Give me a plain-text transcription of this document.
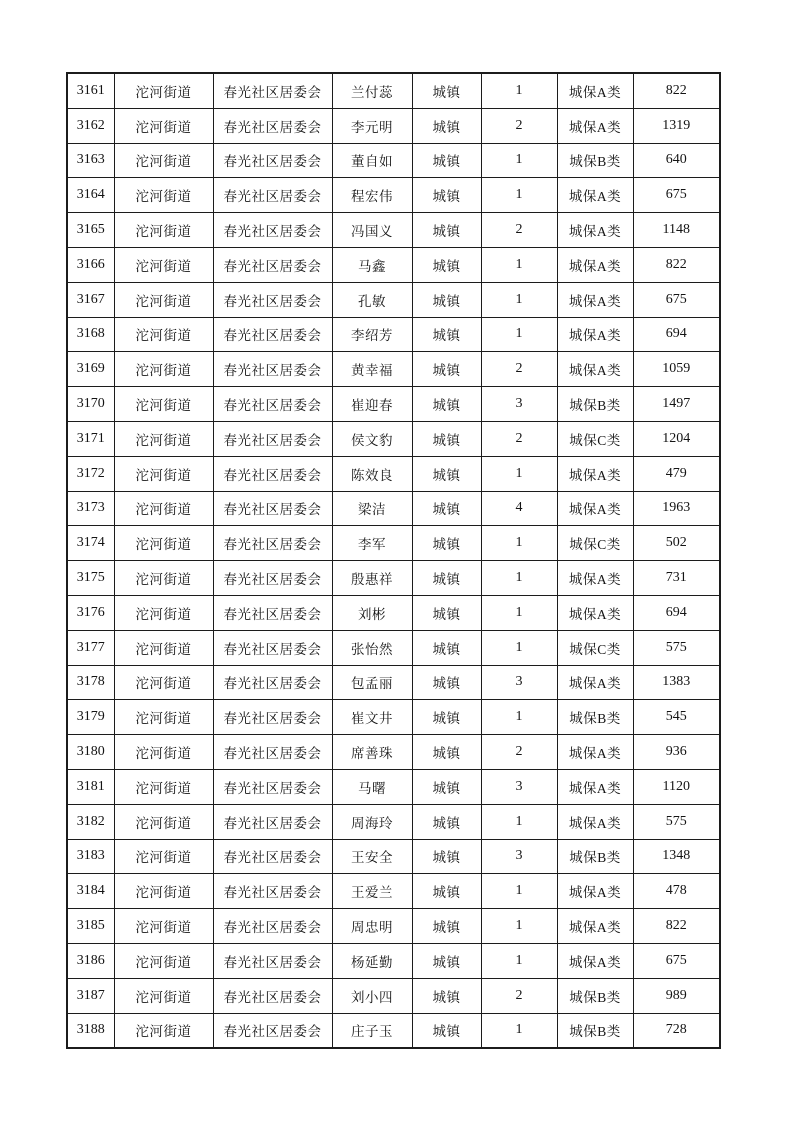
3161	沱河街道	春光社区居委会	兰付蕊	城镇	1	城保A类	822
3162	沱河街道	春光社区居委会	李元明	城镇	2	城保A类	1319
3163	沱河街道	春光社区居委会	董自如	城镇	1	城保B类	640
3164	沱河街道	春光社区居委会	程宏伟	城镇	1	城保A类	675
3165	沱河街道	春光社区居委会	冯国义	城镇	2	城保A类	1148
3166	沱河街道	春光社区居委会	马鑫	城镇	1	城保A类	822
3167	沱河街道	春光社区居委会	孔敏	城镇	1	城保A类	675
3168	沱河街道	春光社区居委会	李绍芳	城镇	1	城保A类	694
3169	沱河街道	春光社区居委会	黄幸福	城镇	2	城保A类	1059
3170	沱河街道	春光社区居委会	崔迎春	城镇	3	城保B类	1497
3171	沱河街道	春光社区居委会	侯文豹	城镇	2	城保C类	1204
3172	沱河街道	春光社区居委会	陈效良	城镇	1	城保A类	479
3173	沱河街道	春光社区居委会	梁洁	城镇	4	城保A类	1963
3174	沱河街道	春光社区居委会	李军	城镇	1	城保C类	502
3175	沱河街道	春光社区居委会	殷惠祥	城镇	1	城保A类	731
3176	沱河街道	春光社区居委会	刘彬	城镇	1	城保A类	694
3177	沱河街道	春光社区居委会	张怡然	城镇	1	城保C类	575
3178	沱河街道	春光社区居委会	包孟丽	城镇	3	城保A类	1383
3179	沱河街道	春光社区居委会	崔文井	城镇	1	城保B类	545
3180	沱河街道	春光社区居委会	席善珠	城镇	2	城保A类	936
3181	沱河街道	春光社区居委会	马曙	城镇	3	城保A类	1120
3182	沱河街道	春光社区居委会	周海玲	城镇	1	城保A类	575
3183	沱河街道	春光社区居委会	王安全	城镇	3	城保B类	1348
3184	沱河街道	春光社区居委会	王爱兰	城镇	1	城保A类	478
3185	沱河街道	春光社区居委会	周忠明	城镇	1	城保A类	822
3186	沱河街道	春光社区居委会	杨延勤	城镇	1	城保A类	675
3187	沱河街道	春光社区居委会	刘小四	城镇	2	城保B类	989
3188	沱河街道	春光社区居委会	庄子玉	城镇	1	城保B类	728
